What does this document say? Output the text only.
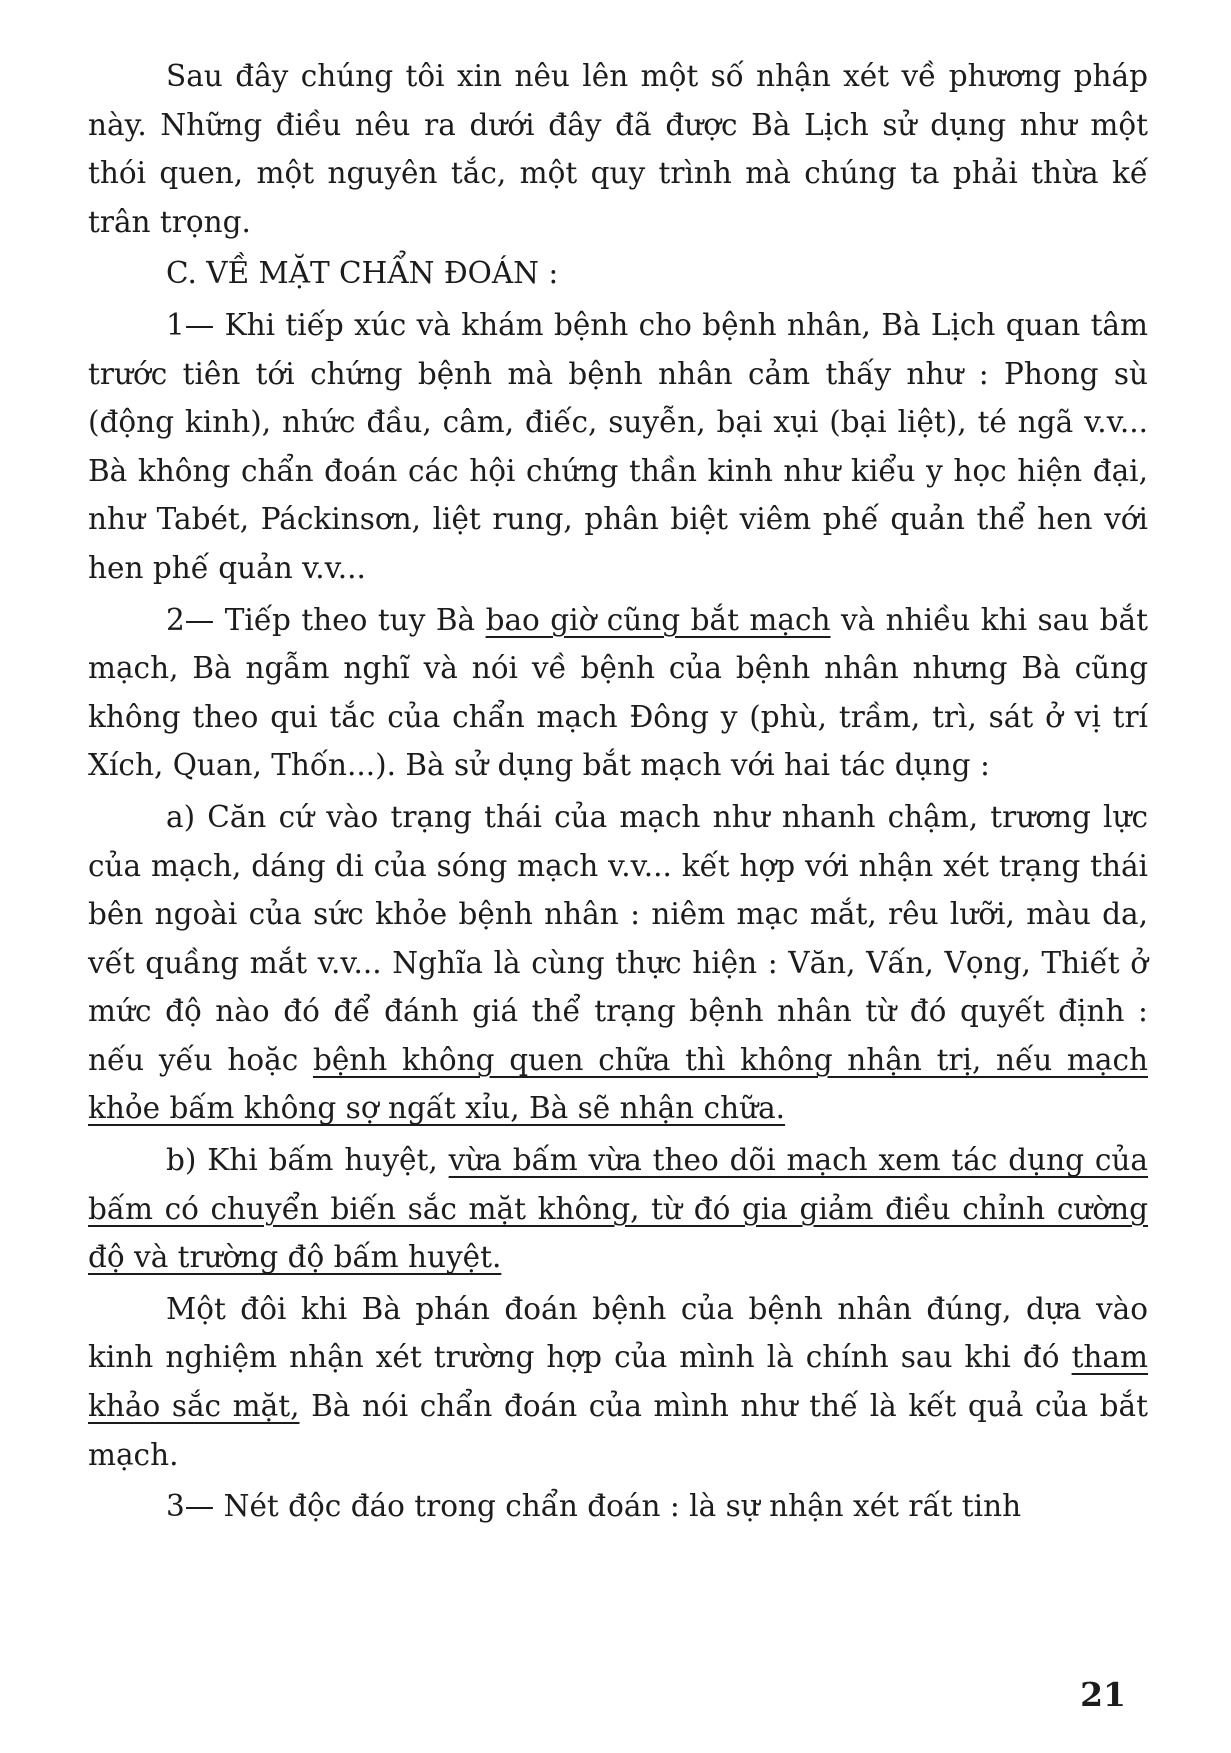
Sau đây chúng tôi xin nêu lên một số nhận xét về phương pháp này. Những điều nêu ra dưới đây đã được Bà Lịch sử dụng như một thói quen, một nguyên tắc, một quy trình mà chúng ta phải thừa kế trân trọng.

C. VỀ MẶT CHẨN ĐOÁN :

1— Khi tiếp xúc và khám bệnh cho bệnh nhân, Bà Lịch quan tâm trước tiên tới chứng bệnh mà bệnh nhân cảm thấy như : Phong sù (động kinh), nhức đầu, câm, điếc, suyễn, bại xụi (bại liệt), té ngã v.v... Bà không chẩn đoán các hội chứng thần kinh như kiểu y học hiện đại, như Tabét, Páckinsơn, liệt rung, phân biệt viêm phế quản thể hen với hen phế quản v.v...

2— Tiếp theo tuy Bà bao giờ cũng bắt mạch và nhiều khi sau bắt mạch, Bà ngẫm nghĩ và nói về bệnh của bệnh nhân nhưng Bà cũng không theo qui tắc của chẩn mạch Đông y (phù, trầm, trì, sát ở vị trí Xích, Quan, Thốn...). Bà sử dụng bắt mạch với hai tác dụng :

a) Căn cứ vào trạng thái của mạch như nhanh chậm, trương lực của mạch, dáng di của sóng mạch v.v... kết hợp với nhận xét trạng thái bên ngoài của sức khỏe bệnh nhân : niêm mạc mắt, rêu lưỡi, màu da, vết quầng mắt v.v... Nghĩa là cùng thực hiện : Văn, Vấn, Vọng, Thiết ở mức độ nào đó để đánh giá thể trạng bệnh nhân từ đó quyết định : nếu yếu hoặc bệnh không quen chữa thì không nhận trị, nếu mạch khỏe bấm không sợ ngất xỉu, Bà sẽ nhận chữa.

b) Khi bấm huyệt, vừa bấm vừa theo dõi mạch xem tác dụng của bấm có chuyển biến sắc mặt không, từ đó gia giảm điều chỉnh cường độ và trường độ bấm huyệt.

Một đôi khi Bà phán đoán bệnh của bệnh nhân đúng, dựa vào kinh nghiệm nhận xét trường hợp của mình là chính sau khi đó tham khảo sắc mặt, Bà nói chẩn đoán của mình như thế là kết quả của bắt mạch.

3— Nét độc đáo trong chẩn đoán : là sự nhận xét rất tinh

21
